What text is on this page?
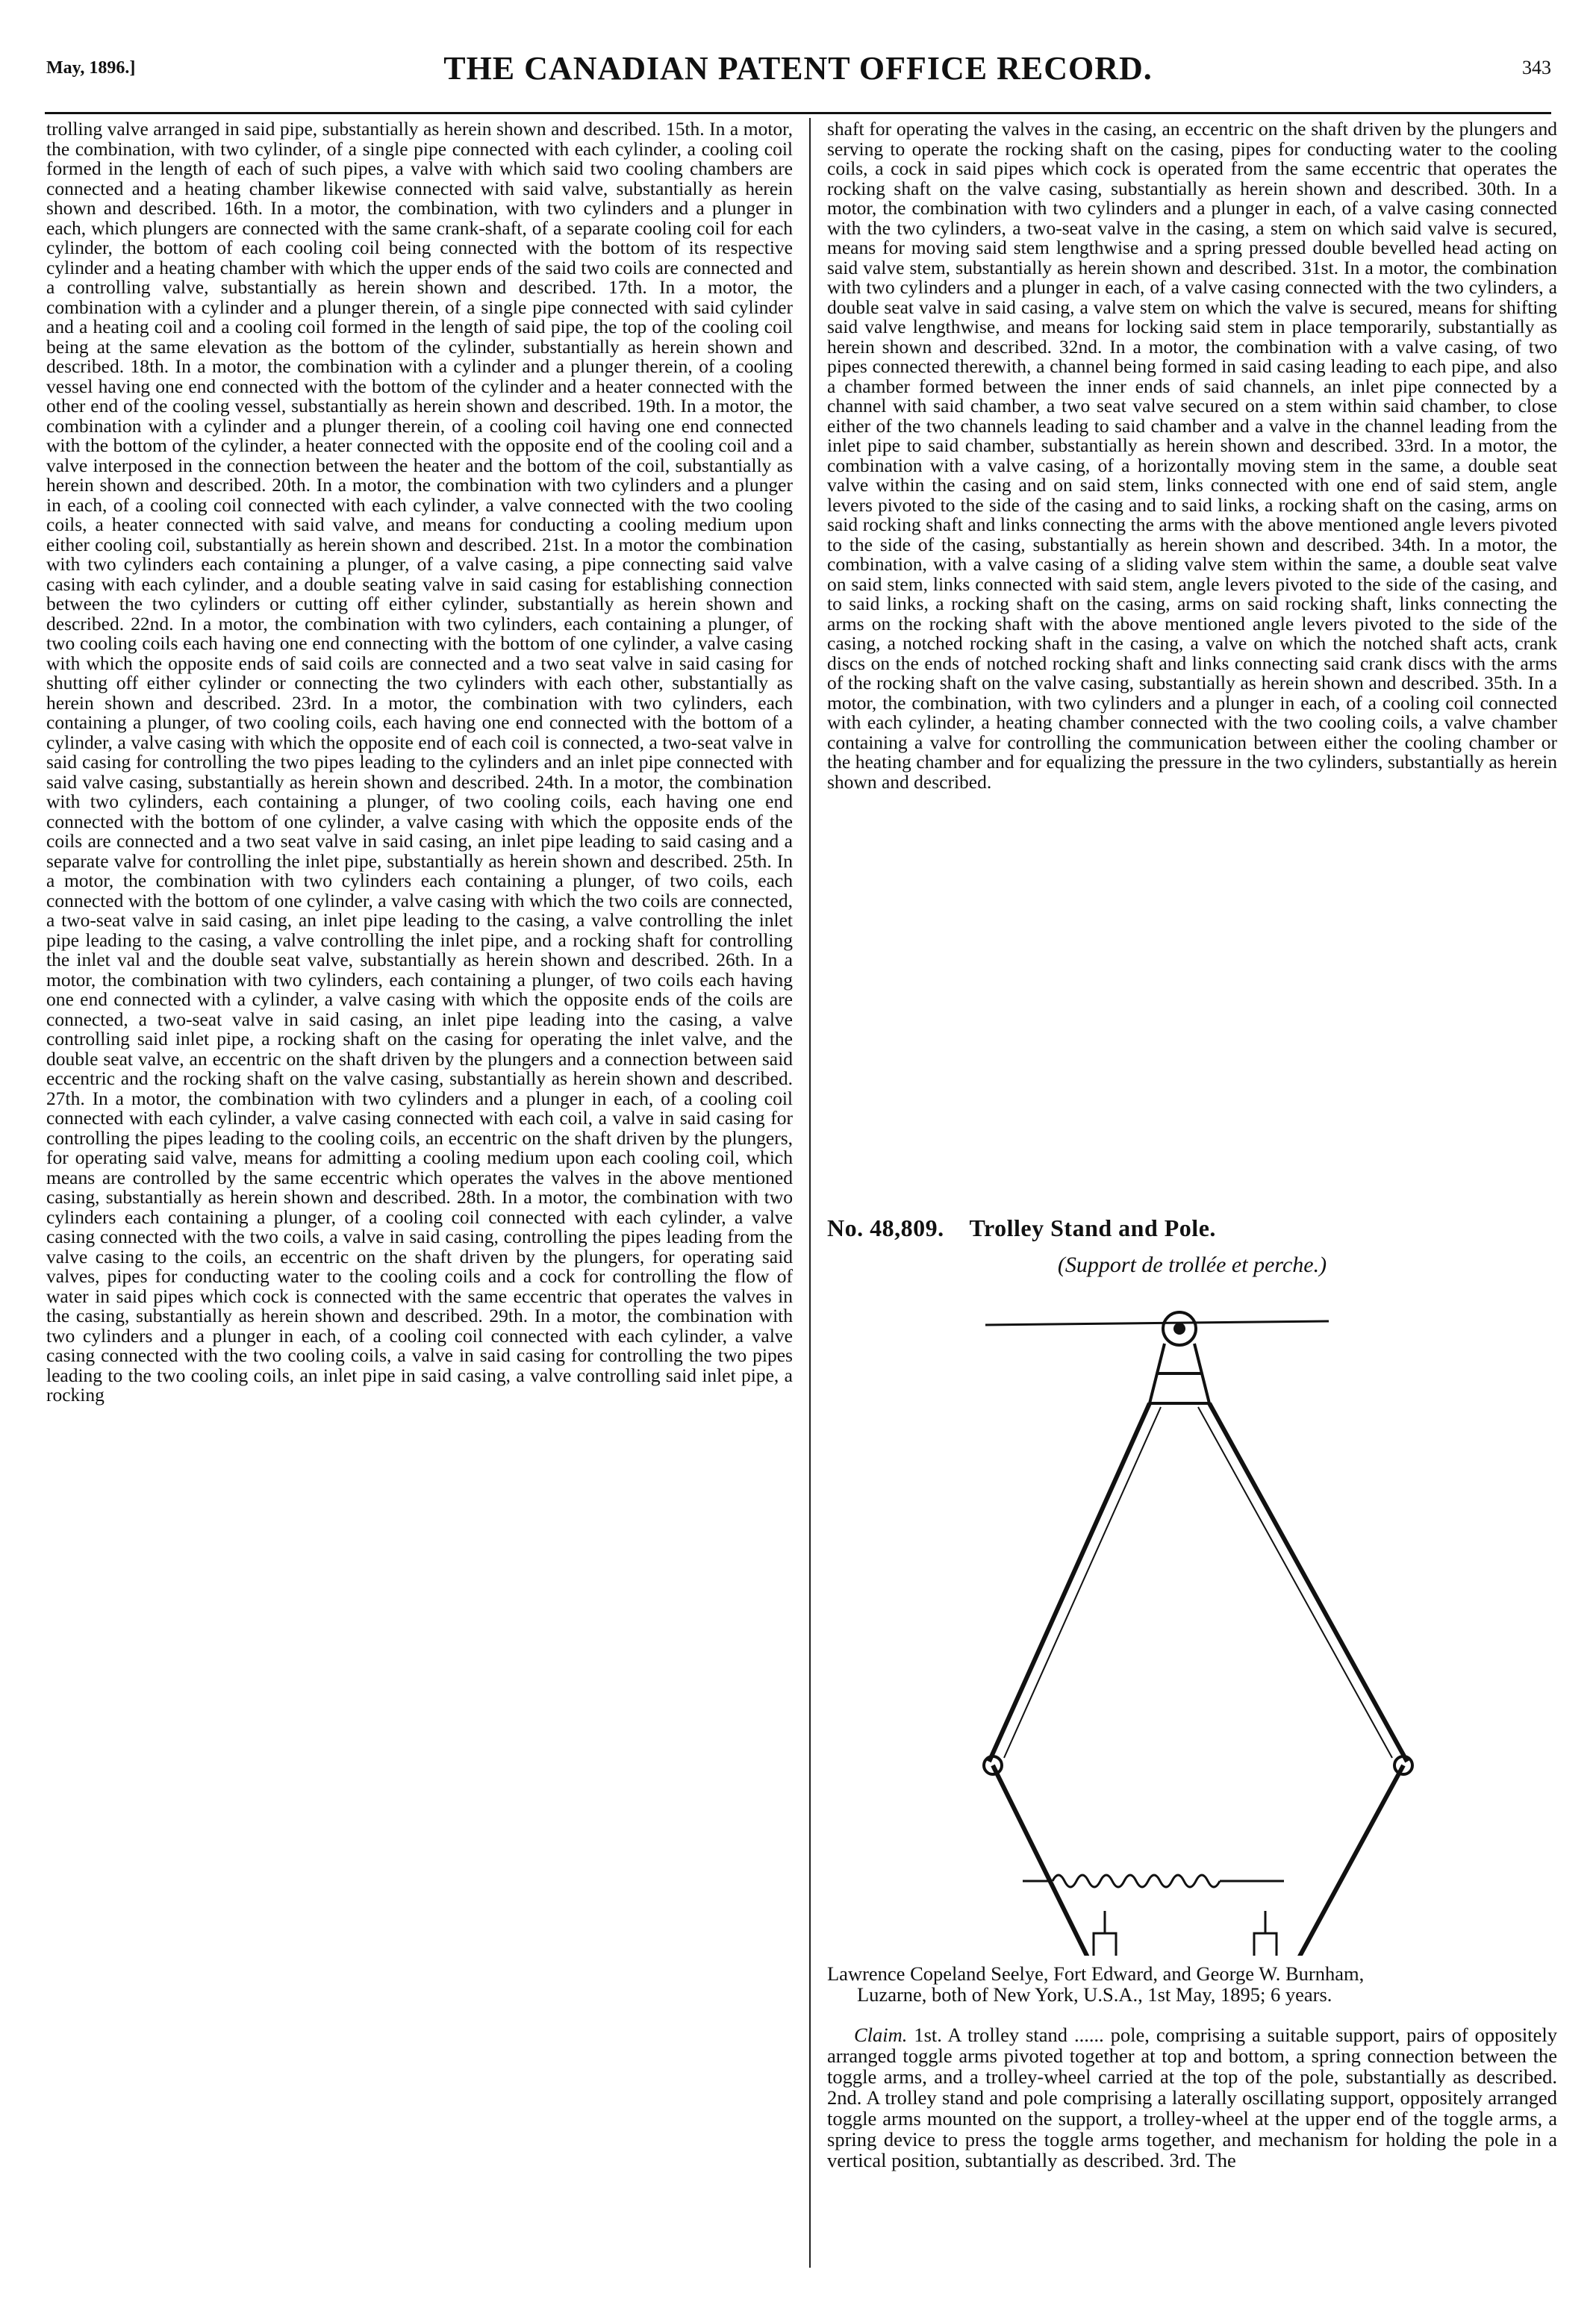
May, 1896.]	THE CANADIAN PATENT OFFICE RECORD.	343

trolling valve arranged in said pipe, substantially as herein shown and described. 15th. In a motor, the combination, with two cylinder, of a single pipe connected with each cylinder, a cooling coil formed in the length of each of such pipes, a valve with which said two cooling chambers are connected and a heating chamber likewise connected with said valve, substantially as herein shown and described. 16th. In a motor, the combination, with two cylinders and a plunger in each, which plungers are connected with the same crank-shaft, of a separate cooling coil for each cylinder, the bottom of each cooling coil being connected with the bottom of its respective cylinder and a heating chamber with which the upper ends of the said two coils are connected and a controlling valve, substantially as herein shown and described. 17th. In a motor, the combination with a cylinder and a plunger therein, of a single pipe connected with said cylinder and a heating coil and a cooling coil formed in the length of said pipe, the top of the cooling coil being at the same elevation as the bottom of the cylinder, substantially as herein shown and described. 18th. In a motor, the combination with a cylinder and a plunger therein, of a cooling vessel having one end connected with the bottom of the cylinder and a heater connected with the other end of the cooling vessel, substantially as herein shown and described. 19th. In a motor, the combination with a cylinder and a plunger therein, of a cooling coil having one end connected with the bottom of the cylinder, a heater connected with the opposite end of the cooling coil and a valve interposed in the connection between the heater and the bottom of the coil, substantially as herein shown and described. 20th. In a motor, the combination with two cylinders and a plunger in each, of a cooling coil connected with each cylinder, a valve connected with the two cooling coils, a heater connected with said valve, and means for conducting a cooling medium upon either cooling coil, substantially as herein shown and described. 21st. In a motor the combination with two cylinders each containing a plunger, of a valve casing, a pipe connecting said valve casing with each cylinder, and a double seating valve in said casing for establishing connection between the two cylinders or cutting off either cylinder, substantially as herein shown and described. 22nd. In a motor, the combination with two cylinders, each containing a plunger, of two cooling coils each having one end connecting with the bottom of one cylinder, a valve casing with which the opposite ends of said coils are connected and a two seat valve in said casing for shutting off either cylinder or connecting the two cylinders with each other, substantially as herein shown and described. 23rd. In a motor, the combination with two cylinders, each containing a plunger, of two cooling coils, each having one end connected with the bottom of a cylinder, a valve casing with which the opposite end of each coil is connected, a two-seat valve in said casing for controlling the two pipes leading to the cylinders and an inlet pipe connected with said valve casing, substantially as herein shown and described. 24th. In a motor, the combination with two cylinders, each containing a plunger, of two cooling coils, each having one end connected with the bottom of one cylinder, a valve casing with which the opposite ends of the coils are connected and a two seat valve in said casing, an inlet pipe leading to said casing and a separate valve for controlling the inlet pipe, substantially as herein shown and described. 25th. In a motor, the combination with two cylinders each containing a plunger, of two coils, each connected with the bottom of one cylinder, a valve casing with which the two coils are connected, a two-seat valve in said casing, an inlet pipe leading to the casing, a valve controlling the inlet pipe leading to the casing, a valve controlling the inlet pipe, and a rocking shaft for controlling the inlet val and the double seat valve, substantially as herein shown and described. 26th. In a motor, the combination with two cylinders, each containing a plunger, of two coils each having one end connected with a cylinder, a valve casing with which the opposite ends of the coils are connected, a two-seat valve in said casing, an inlet pipe leading into the casing, a valve controlling said inlet pipe, a rocking shaft on the casing for operating the inlet valve, and the double seat valve, an eccentric on the shaft driven by the plungers and a connection between said eccentric and the rocking shaft on the valve casing, substantially as herein shown and described. 27th. In a motor, the combination with two cylinders and a plunger in each, of a cooling coil connected with each cylinder, a valve casing connected with each coil, a valve in said casing for controlling the pipes leading to the cooling coils, an eccentric on the shaft driven by the plungers, for operating said valve, means for admitting a cooling medium upon each cooling coil, which means are controlled by the same eccentric which operates the valves in the above mentioned casing, substantially as herein shown and described. 28th. In a motor, the combination with two cylinders each containing a plunger, of a cooling coil connected with each cylinder, a valve casing connected with the two coils, a valve in said casing, controlling the pipes leading from the valve casing to the coils, an eccentric on the shaft driven by the plungers, for operating said valves, pipes for conducting water to the cooling coils and a cock for controlling the flow of water in said pipes which cock is connected with the same eccentric that operates the valves in the casing, substantially as herein shown and described. 29th. In a motor, the combination with two cylinders and a plunger in each, of a cooling coil connected with each cylinder, a valve casing connected with the two cooling coils, a valve in said casing for controlling the two pipes leading to the two cooling coils, an inlet pipe in said casing, a valve controlling said inlet pipe, a rocking

shaft for operating the valves in the casing, an eccentric on the shaft driven by the plungers and serving to operate the rocking shaft on the casing, pipes for conducting water to the cooling coils, a cock in said pipes which cock is operated from the same eccentric that operates the rocking shaft on the valve casing, substantially as herein shown and described. 30th. In a motor, the combination with two cylinders and a plunger in each, of a valve casing connected with the two cylinders, a two-seat valve in the casing, a stem on which said valve is secured, means for moving said stem lengthwise and a spring pressed double bevelled head acting on said valve stem, substantially as herein shown and described. 31st. In a motor, the combination with two cylinders and a plunger in each, of a valve casing connected with the two cylinders, a double seat valve in said casing, a valve stem on which the valve is secured, means for shifting said valve lengthwise, and means for locking said stem in place temporarily, substantially as herein shown and described. 32nd. In a motor, the combination with a valve casing, of two pipes connected therewith, a channel being formed in said casing leading to each pipe, and also a chamber formed between the inner ends of said channels, an inlet pipe connected by a channel with said chamber, a two seat valve secured on a stem within said chamber, to close either of the two channels leading to said chamber and a valve in the channel leading from the inlet pipe to said chamber, substantially as herein shown and described. 33rd. In a motor, the combination with a valve casing, of a horizontally moving stem in the same, a double seat valve within the casing and on said stem, links connected with one end of said stem, angle levers pivoted to the side of the casing and to said links, a rocking shaft on the casing, arms on said rocking shaft and links connecting the arms with the above mentioned angle levers pivoted to the side of the casing, substantially as herein shown and described. 34th. In a motor, the combination, with a valve casing of a sliding valve stem within the same, a double seat valve on said stem, links connected with said stem, angle levers pivoted to the side of the casing, and to said links, a rocking shaft on the casing, arms on said rocking shaft, links connecting the arms on the rocking shaft with the above mentioned angle levers pivoted to the side of the casing, a notched rocking shaft in the casing, a valve on which the notched shaft acts, crank discs on the ends of notched rocking shaft and links connecting said crank discs with the arms of the rocking shaft on the valve casing, substantially as herein shown and described. 35th. In a motor, the combination, with two cylinders and a plunger in each, of a cooling coil connected with each cylinder, a heating chamber connected with the two cooling coils, a valve chamber containing a valve for controlling the communication between either the cooling chamber or the heating chamber and for equalizing the pressure in the two cylinders, substantially as herein shown and described.

No. 48,809. Trolley Stand and Pole.
(Support de trollée et perche.)

Lawrence Copeland Seelye, Fort Edward, and George W. Burnham,

Luzarne, both of New York, U.S.A., 1st May, 1895; 6 years.

Claim. 1st. A trolley stand ...... pole, comprising a suitable support, pairs of oppositely arranged toggle arms pivoted together at top and bottom, a spring connection between the toggle arms, and a trolley-wheel carried at the top of the pole, substantially as described. 2nd. A trolley stand and pole comprising a laterally oscillating support, oppositely arranged toggle arms mounted on the support, a trolley-wheel at the upper end of the toggle arms, a spring device to press the toggle arms together, and mechanism for holding the pole in a vertical position, subtantially as described. 3rd. The
